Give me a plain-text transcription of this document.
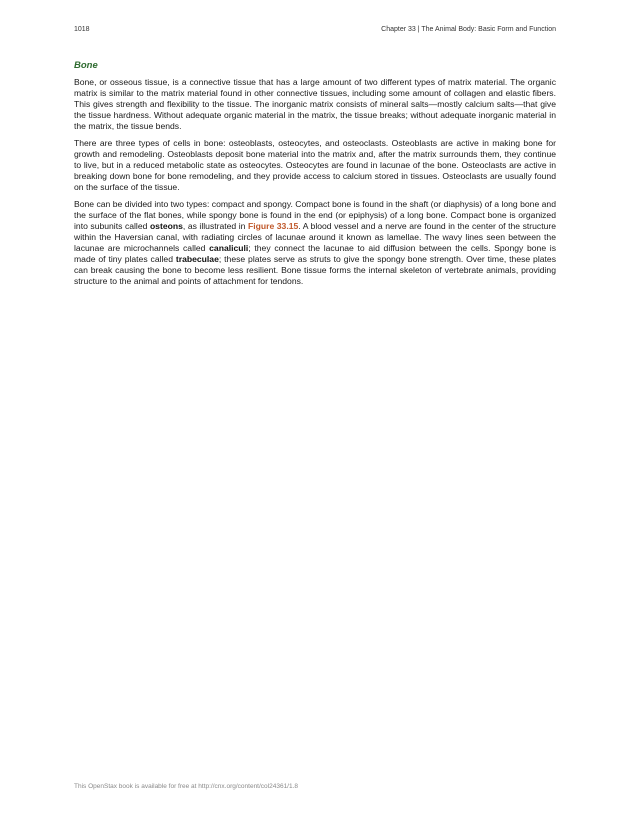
1018	Chapter 33 | The Animal Body: Basic Form and Function
Bone

Bone, or osseous tissue, is a connective tissue that has a large amount of two different types of matrix material. The organic matrix is similar to the matrix material found in other connective tissues, including some amount of collagen and elastic fibers. This gives strength and flexibility to the tissue. The inorganic matrix consists of mineral salts—mostly calcium salts—that give the tissue hardness. Without adequate organic material in the matrix, the tissue breaks; without adequate inorganic material in the matrix, the tissue bends.

There are three types of cells in bone: osteoblasts, osteocytes, and osteoclasts. Osteoblasts are active in making bone for growth and remodeling. Osteoblasts deposit bone material into the matrix and, after the matrix surrounds them, they continue to live, but in a reduced metabolic state as osteocytes. Osteocytes are found in lacunae of the bone. Osteoclasts are active in breaking down bone for bone remodeling, and they provide access to calcium stored in tissues. Osteoclasts are usually found on the surface of the tissue.

Bone can be divided into two types: compact and spongy. Compact bone is found in the shaft (or diaphysis) of a long bone and the surface of the flat bones, while spongy bone is found in the end (or epiphysis) of a long bone. Compact bone is organized into subunits called osteons, as illustrated in Figure 33.15. A blood vessel and a nerve are found in the center of the structure within the Haversian canal, with radiating circles of lacunae around it known as lamellae. The wavy lines seen between the lacunae are microchannels called canaliculi; they connect the lacunae to aid diffusion between the cells. Spongy bone is made of tiny plates called trabeculae; these plates serve as struts to give the spongy bone strength. Over time, these plates can break causing the bone to become less resilient. Bone tissue forms the internal skeleton of vertebrate animals, providing structure to the animal and points of attachment for tendons.

This OpenStax book is available for free at http://cnx.org/content/col24361/1.8
